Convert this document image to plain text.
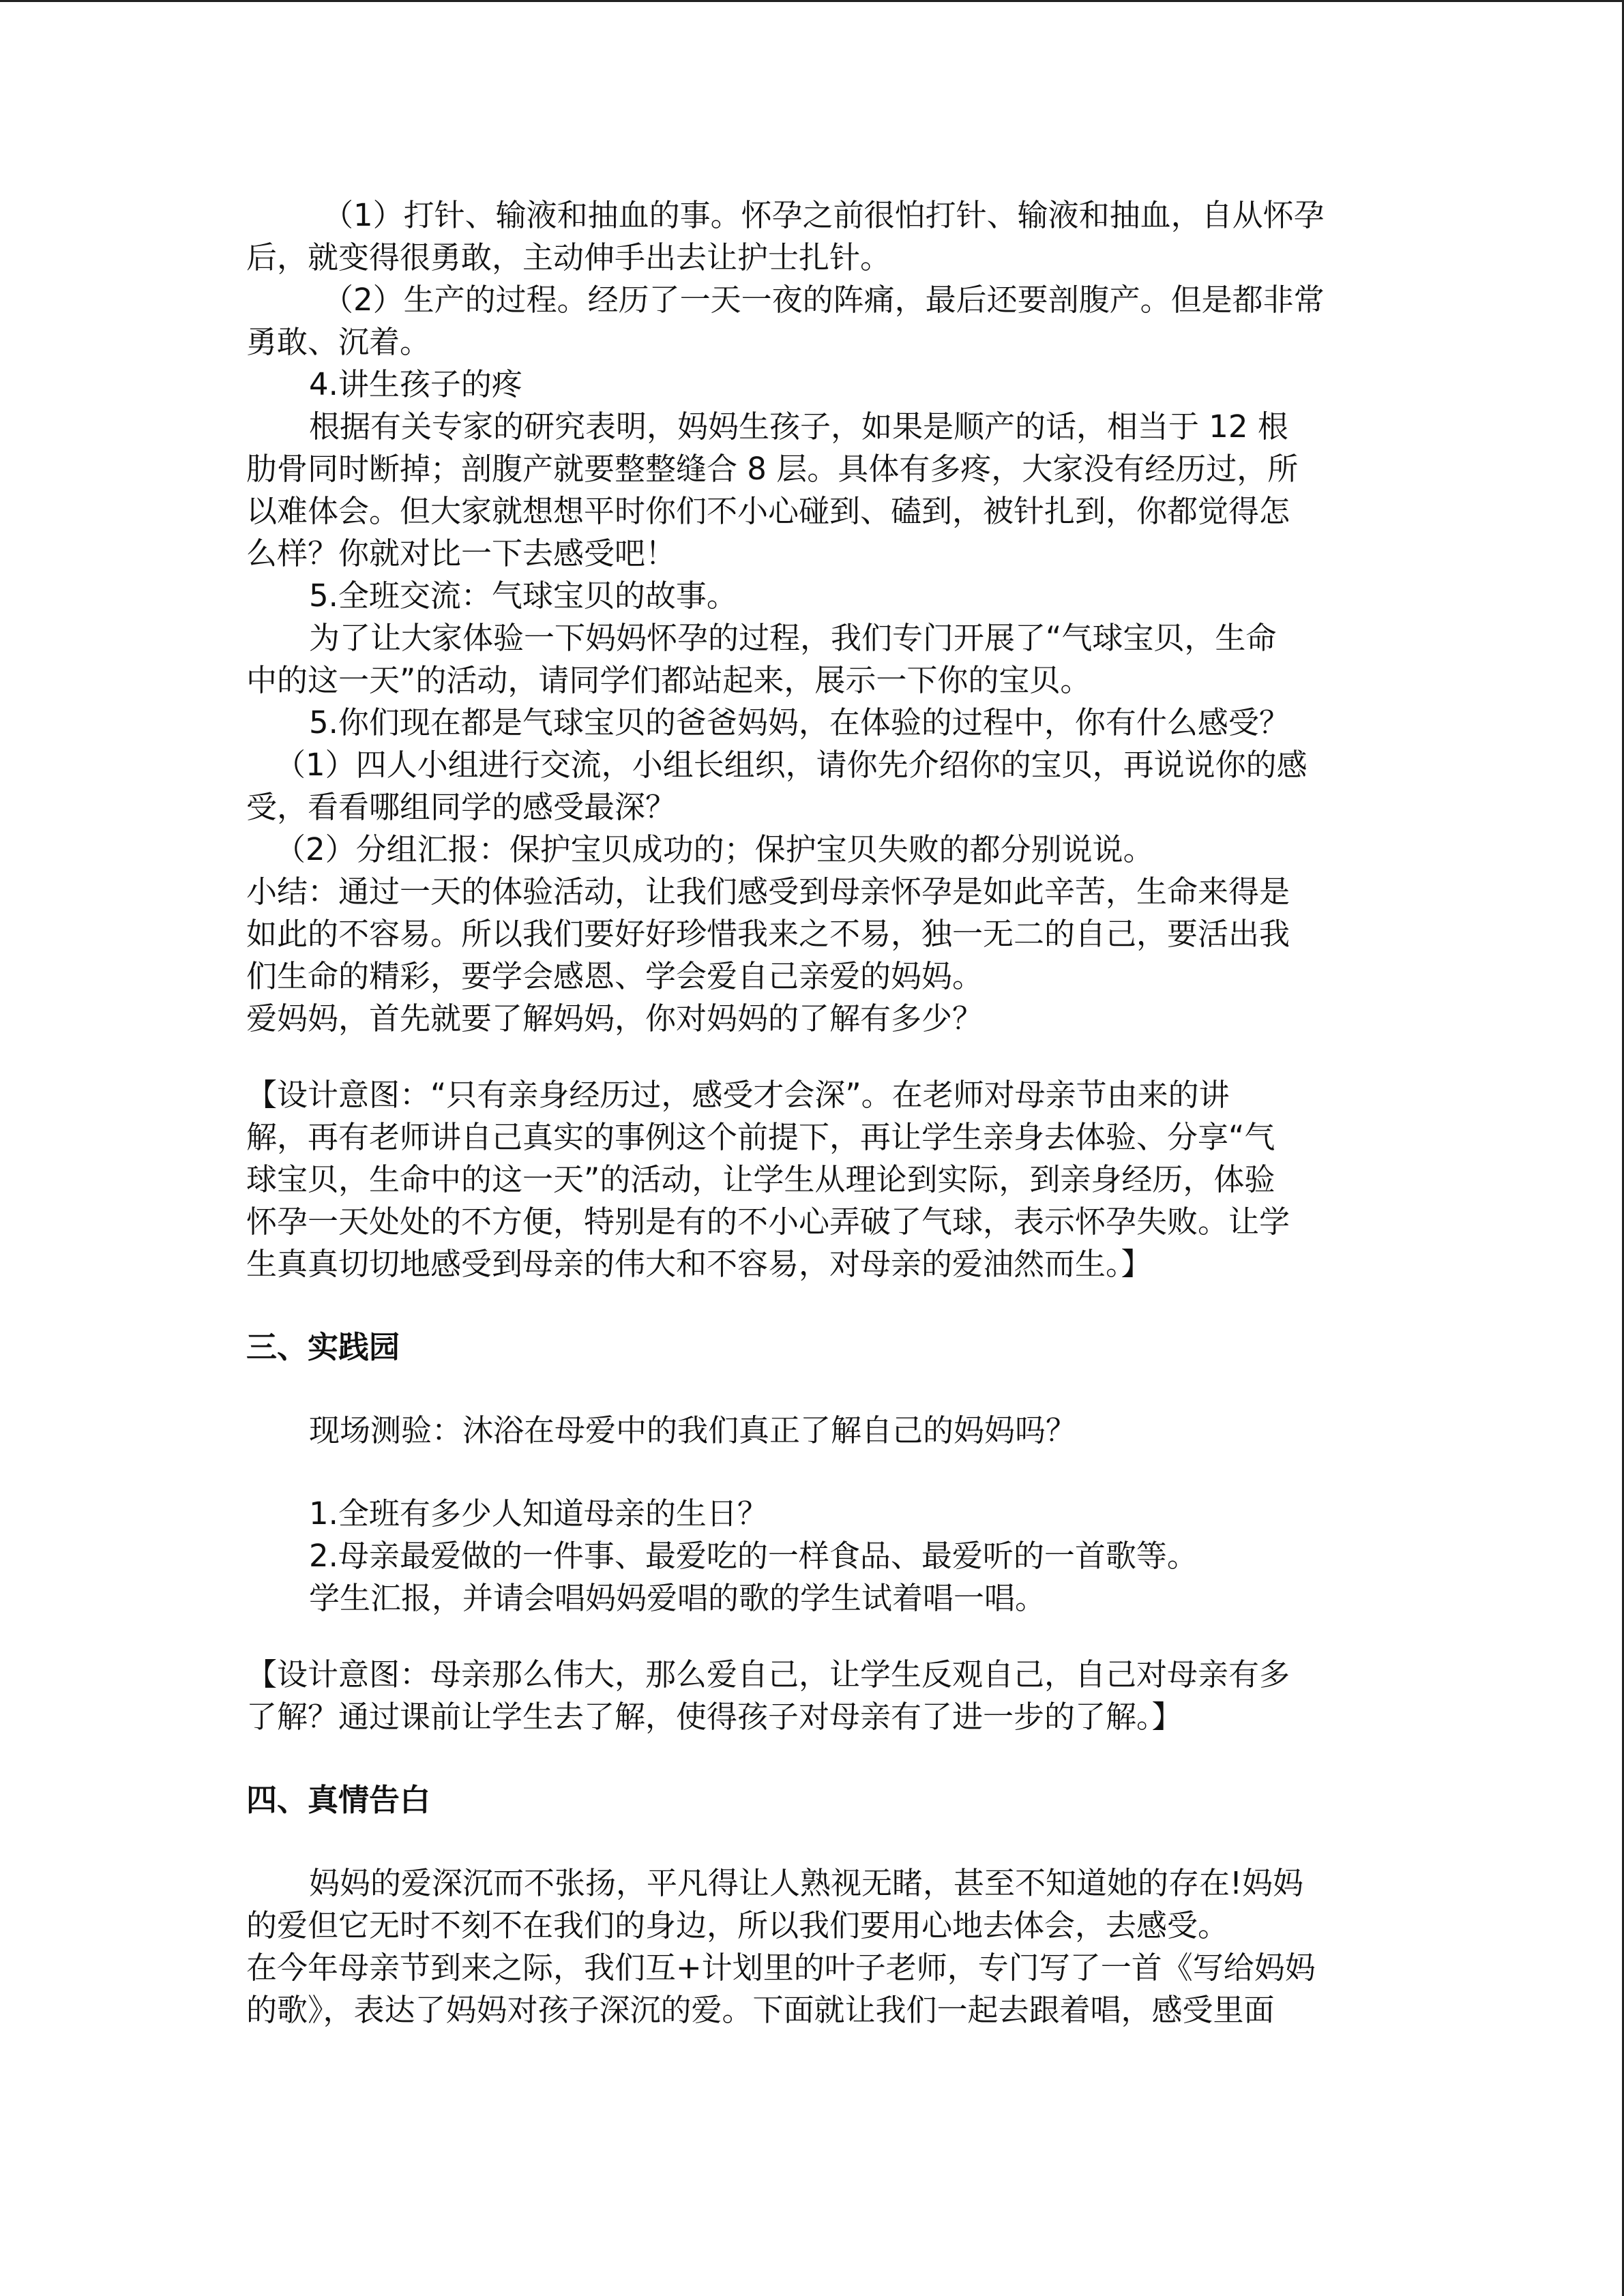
（1）打针、输液和抽血的事。怀孕之前很怕打针、输液和抽血，自从怀孕
后，就变得很勇敢，主动伸手出去让护士扎针。
（2）生产的过程。经历了一天一夜的阵痛，最后还要剖腹产。但是都非常
勇敢、沉着。
4.讲生孩子的疼
根据有关专家的研究表明，妈妈生孩子，如果是顺产的话，相当于 12 根
肋骨同时断掉；剖腹产就要整整缝合 8 层。具体有多疼，大家没有经历过，所
以难体会。但大家就想想平时你们不小心碰到、磕到，被针扎到，你都觉得怎
么样？你就对比一下去感受吧！
5.全班交流：气球宝贝的故事。
为了让大家体验一下妈妈怀孕的过程，我们专门开展了“气球宝贝，生命
中的这一天”的活动，请同学们都站起来，展示一下你的宝贝。
5.你们现在都是气球宝贝的爸爸妈妈，在体验的过程中，你有什么感受？
（1）四人小组进行交流，小组长组织，请你先介绍你的宝贝，再说说你的感
受，看看哪组同学的感受最深？
（2）分组汇报：保护宝贝成功的；保护宝贝失败的都分别说说。
小结：通过一天的体验活动，让我们感受到母亲怀孕是如此辛苦，生命来得是
如此的不容易。所以我们要好好珍惜我来之不易，独一无二的自己，要活出我
们生命的精彩，要学会感恩、学会爱自己亲爱的妈妈。
爱妈妈，首先就要了解妈妈，你对妈妈的了解有多少？
【设计意图：“只有亲身经历过，感受才会深”。在老师对母亲节由来的讲
解，再有老师讲自己真实的事例这个前提下，再让学生亲身去体验、分享“气
球宝贝，生命中的这一天”的活动，让学生从理论到实际，到亲身经历，体验
怀孕一天处处的不方便，特别是有的不小心弄破了气球，表示怀孕失败。让学
生真真切切地感受到母亲的伟大和不容易，对母亲的爱油然而生。】
三、实践园
现场测验：沐浴在母爱中的我们真正了解自己的妈妈吗？
1.全班有多少人知道母亲的生日？
2.母亲最爱做的一件事、最爱吃的一样食品、最爱听的一首歌等。
学生汇报，并请会唱妈妈爱唱的歌的学生试着唱一唱。
【设计意图：母亲那么伟大，那么爱自己，让学生反观自己，自己对母亲有多
了解？通过课前让学生去了解，使得孩子对母亲有了进一步的了解。】
四、真情告白
妈妈的爱深沉而不张扬，平凡得让人熟视无睹，甚至不知道她的存在!妈妈
的爱但它无时不刻不在我们的身边，所以我们要用心地去体会，去感受。
在今年母亲节到来之际，我们互+计划里的叶子老师，专门写了一首《写给妈妈
的歌》，表达了妈妈对孩子深沉的爱。下面就让我们一起去跟着唱，感受里面
